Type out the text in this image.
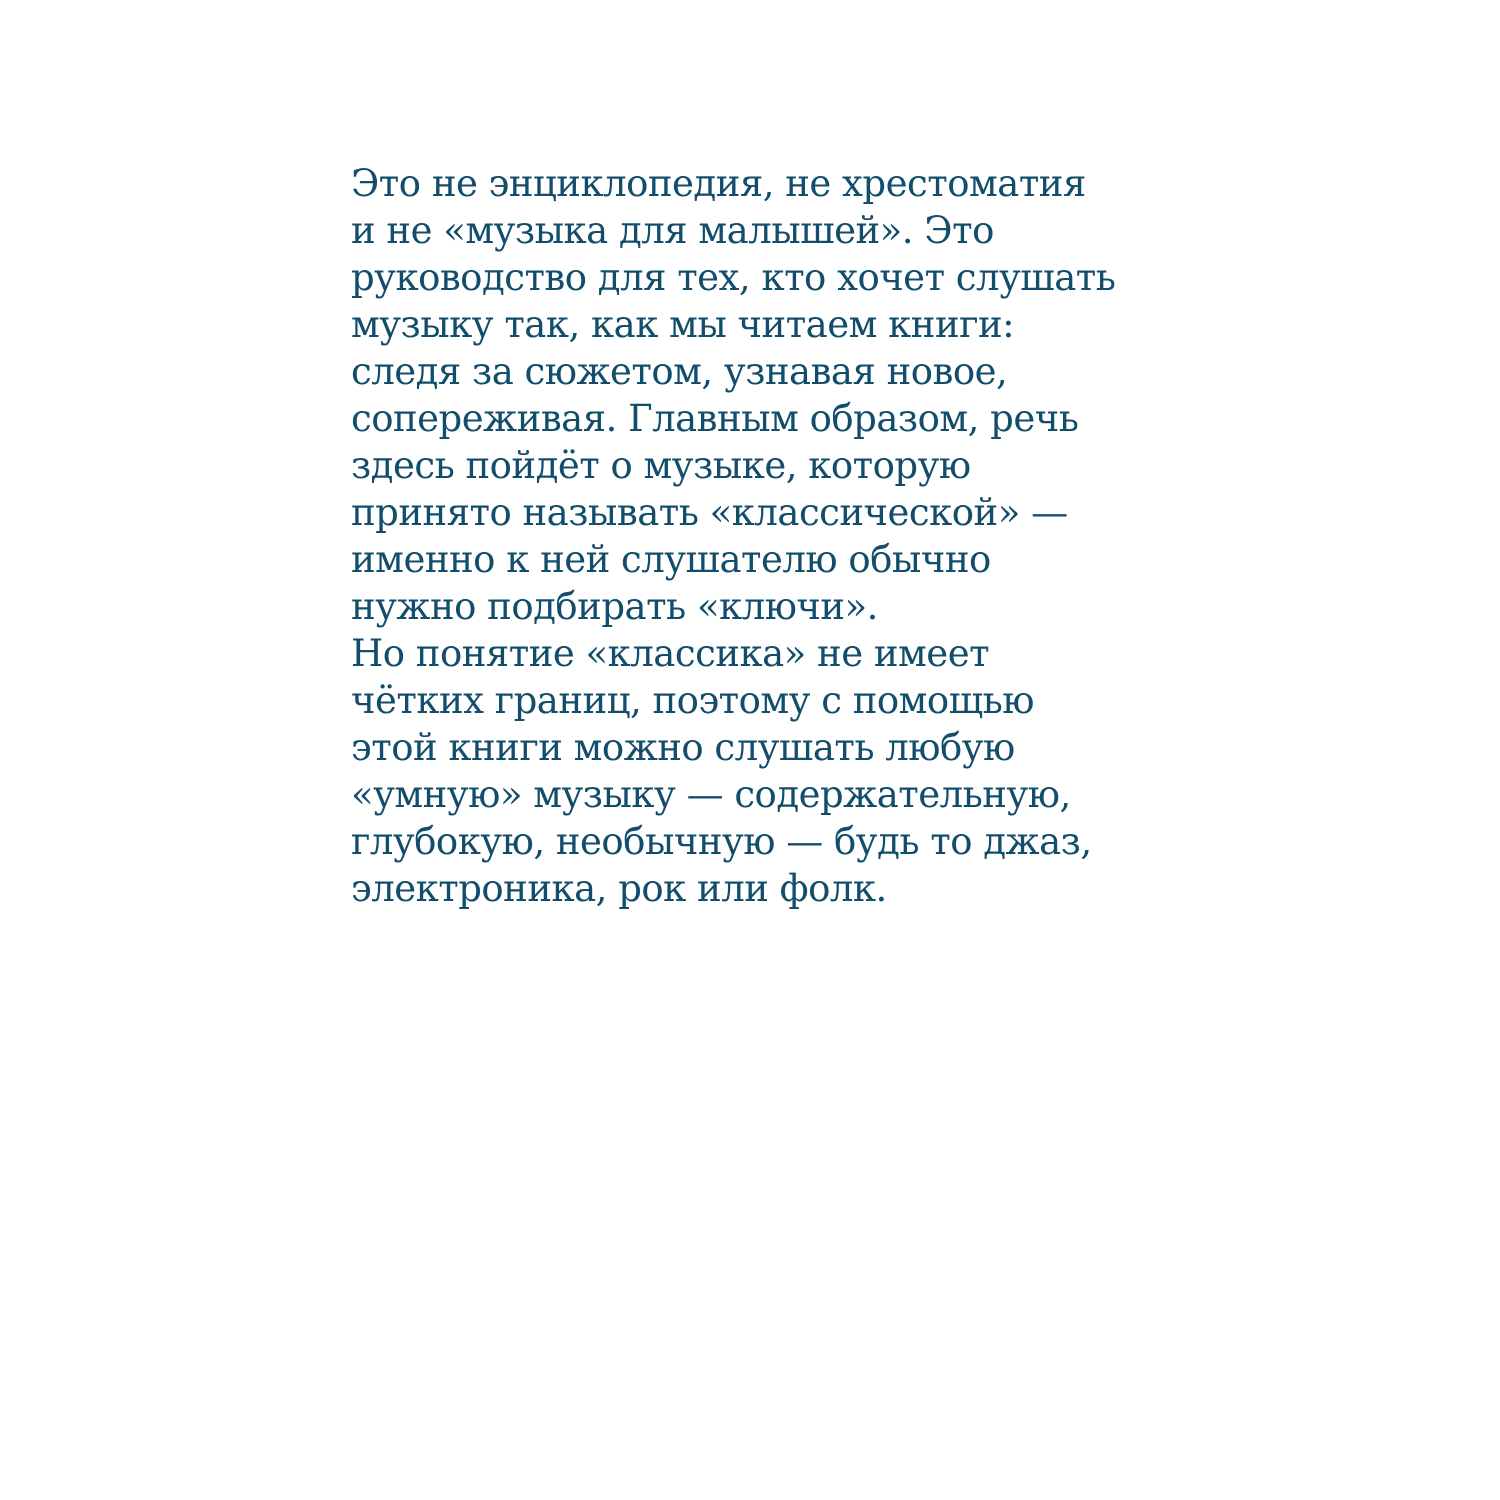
Это не энциклопедия, не хрестоматия
и не «музыка для малышей». Это
руководство для тех, кто хочет слушать
музыку так, как мы читаем книги:
следя за сюжетом, узнавая новое,
сопереживая. Главным образом, речь
здесь пойдёт о музыке, которую
принято называть «классической» —
именно к ней слушателю обычно
нужно подбирать «ключи».
Но понятие «классика» не имеет
чётких границ, поэтому с помощью
этой книги можно слушать любую
«умную» музыку — содержательную,
глубокую, необычную — будь то джаз,
электроника, рок или фолк.
